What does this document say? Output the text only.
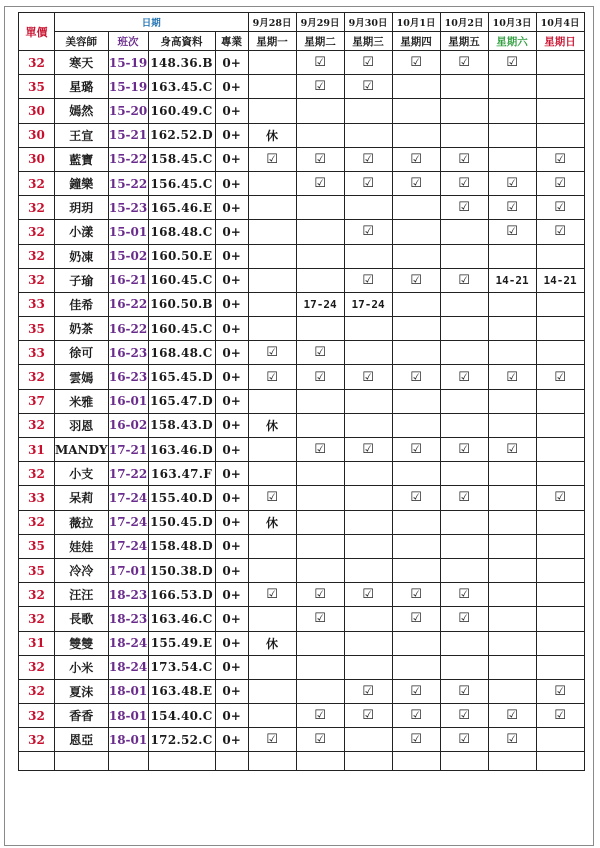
單價	日期				9月28日	9月29日	9月30日	10月1日	10月2日	10月3日	10月4日
	美容師	班次	身高資料	專業	星期一	星期二	星期三	星期四	星期五	星期六	星期日
32	寒天	15-19	148.36.B	0+		☑	☑	☑	☑	☑	
35	星璐	15-19	163.45.C	0+		☑	☑				
30	嫣然	15-20	160.49.C	0+							
30	王宣	15-21	162.52.D	0+	休						
30	藍寶	15-22	158.45.C	0+	☑	☑	☑	☑	☑		☑
32	鐘樂	15-22	156.45.C	0+		☑	☑	☑	☑	☑	☑
32	玥玥	15-23	165.46.E	0+					☑	☑	☑
32	小漾	15-01	168.48.C	0+			☑			☑	☑
32	奶凍	15-02	160.50.E	0+							
32	子瑜	16-21	160.45.C	0+			☑	☑	☑	14-21	14-21
33	佳希	16-22	160.50.B	0+		17-24	17-24				
35	奶茶	16-22	160.45.C	0+							
33	徐可	16-23	168.48.C	0+	☑	☑					
32	雲嫣	16-23	165.45.D	0+	☑	☑	☑	☑	☑	☑	☑
37	米雅	16-01	165.47.D	0+							
32	羽恩	16-02	158.43.D	0+	休						
31	MANDY	17-21	163.46.D	0+		☑	☑	☑	☑	☑	
32	小支	17-22	163.47.F	0+							
33	呆莉	17-24	155.40.D	0+	☑			☑	☑		☑
32	薇拉	17-24	150.45.D	0+	休						
35	娃娃	17-24	158.48.D	0+							
35	冷冷	17-01	150.38.D	0+							
32	汪汪	18-23	166.53.D	0+	☑	☑	☑	☑	☑		
32	長歌	18-23	163.46.C	0+		☑		☑	☑		
31	雙雙	18-24	155.49.E	0+	休						
32	小米	18-24	173.54.C	0+							
32	夏沫	18-01	163.48.E	0+			☑	☑	☑		☑
32	香香	18-01	154.40.C	0+		☑	☑	☑	☑	☑	☑
32	恩亞	18-01	172.52.C	0+	☑	☑		☑	☑	☑	
